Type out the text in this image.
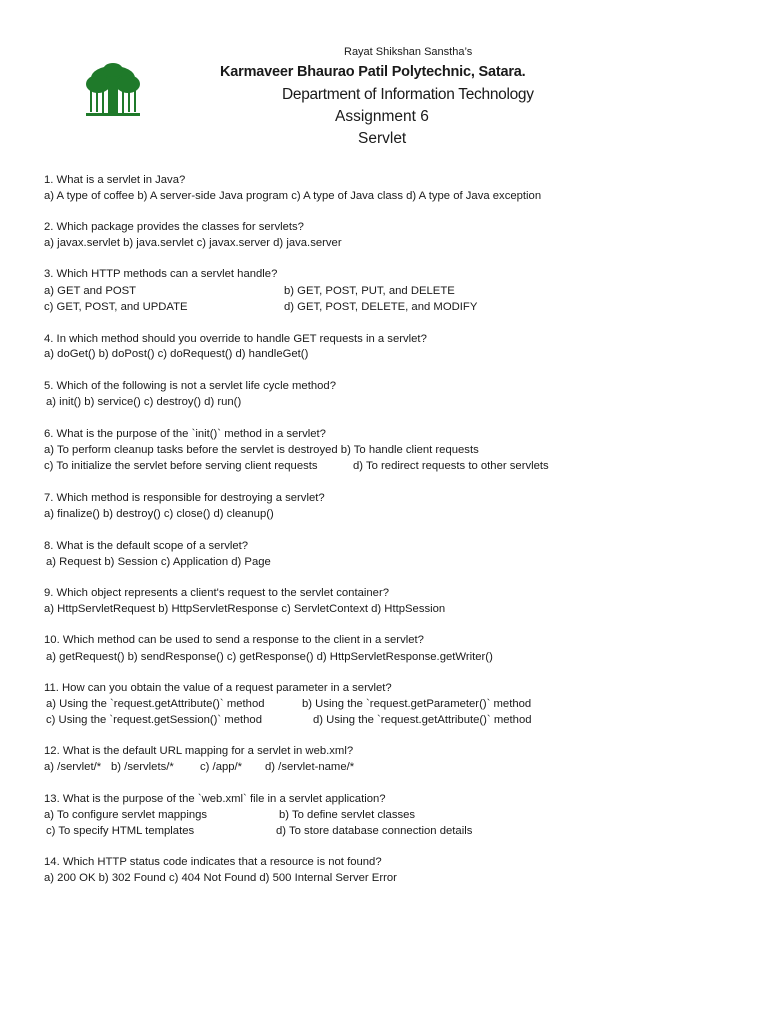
Rayat Shikshan Sanstha’s
Karmaveer Bhaurao Patil Polytechnic, Satara.
Department of Information Technology
Assignment 6
Servlet
1. What is a servlet in Java?
a) A type of coffee b) A server-side Java program c) A type of Java class d) A type of Java exception
2. Which package provides the classes for servlets?
a) javax.servlet b) java.servlet c) javax.server d) java.server
3. Which HTTP methods can a servlet handle?
a) GET and POST	b) GET, POST, PUT, and DELETE
c) GET, POST, and UPDATE	d) GET, POST, DELETE, and MODIFY
4. In which method should you override to handle GET requests in a servlet?
a) doGet() b) doPost() c) doRequest() d) handleGet()
5. Which of the following is not a servlet life cycle method?
a) init() b) service() c) destroy() d) run()
6. What is the purpose of the `init()` method in a servlet?
a) To perform cleanup tasks before the servlet is destroyed b) To handle client requests
c) To initialize the servlet before serving client requests	d) To redirect requests to other servlets
7. Which method is responsible for destroying a servlet?
a) finalize() b) destroy() c) close() d) cleanup()
8. What is the default scope of a servlet?
a) Request b) Session c) Application d) Page
9. Which object represents a client's request to the servlet container?
a) HttpServletRequest b) HttpServletResponse c) ServletContext d) HttpSession
10. Which method can be used to send a response to the client in a servlet?
a) getRequest() b) sendResponse() c) getResponse() d) HttpServletResponse.getWriter()
11. How can you obtain the value of a request parameter in a servlet?
a) Using the `request.getAttribute()` method	b) Using the `request.getParameter()` method
c) Using the `request.getSession()` method	d) Using the `request.getAttribute()` method
12. What is the default URL mapping for a servlet in web.xml?
a) /servlet/* b) /servlets/* c) /app/* d) /servlet-name/*
13. What is the purpose of the `web.xml` file in a servlet application?
a) To configure servlet mappings	b) To define servlet classes
c) To specify HTML templates	d) To store database connection details
14. Which HTTP status code indicates that a resource is not found?
a) 200 OK b) 302 Found c) 404 Not Found d) 500 Internal Server Error
